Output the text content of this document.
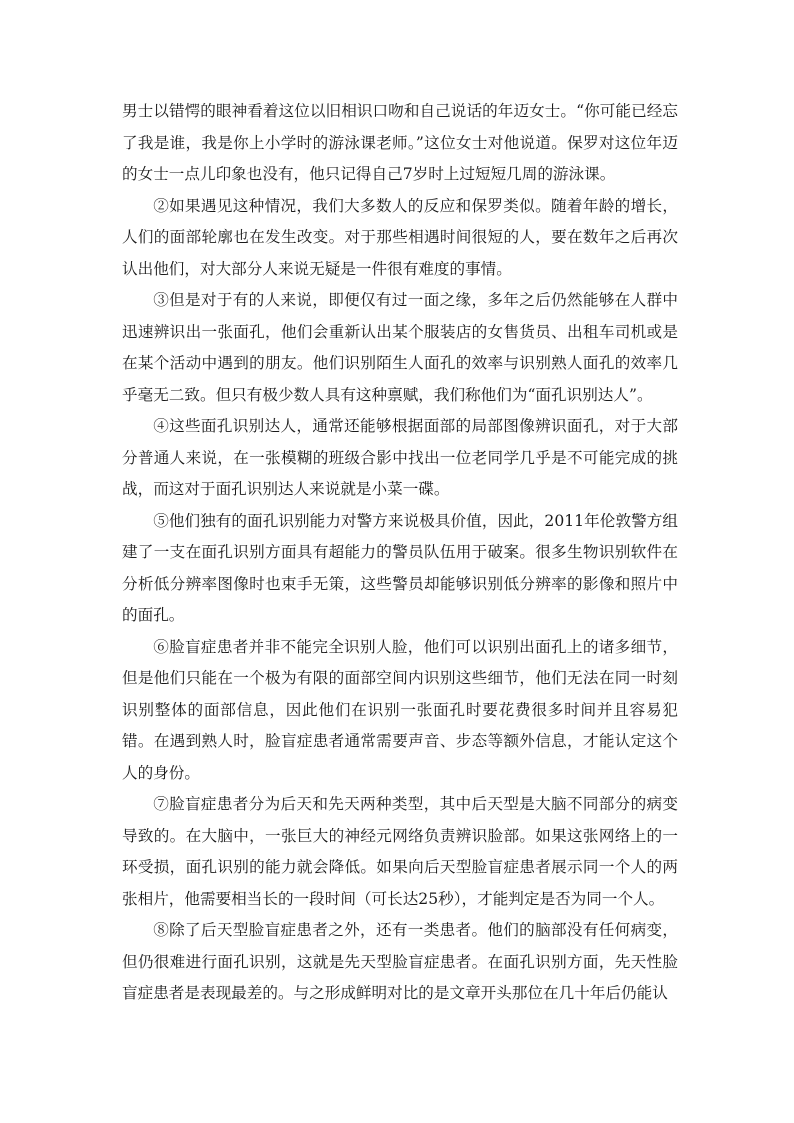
男士以错愕的眼神看着这位以旧相识口吻和自己说话的年迈女士。“你可能已经忘了我是谁，我是你上小学时的游泳课老师。”这位女士对他说道。保罗对这位年迈的女士一点儿印象也没有，他只记得自己7岁时上过短短几周的游泳课。

②如果遇见这种情况，我们大多数人的反应和保罗类似。随着年龄的增长，人们的面部轮廓也在发生改变。对于那些相遇时间很短的人，要在数年之后再次认出他们，对大部分人来说无疑是一件很有难度的事情。

③但是对于有的人来说，即便仅有过一面之缘，多年之后仍然能够在人群中迅速辨识出一张面孔，他们会重新认出某个服装店的女售货员、出租车司机或是在某个活动中遇到的朋友。他们识别陌生人面孔的效率与识别熟人面孔的效率几乎毫无二致。但只有极少数人具有这种禀赋，我们称他们为“面孔识别达人”。

④这些面孔识别达人，通常还能够根据面部的局部图像辨识面孔，对于大部分普通人来说，在一张模糊的班级合影中找出一位老同学几乎是不可能完成的挑战，而这对于面孔识别达人来说就是小菜一碟。

⑤他们独有的面孔识别能力对警方来说极具价值，因此，2011年伦敦警方组建了一支在面孔识别方面具有超能力的警员队伍用于破案。很多生物识别软件在分析低分辨率图像时也束手无策，这些警员却能够识别低分辨率的影像和照片中的面孔。

⑥脸盲症患者并非不能完全识别人脸，他们可以识别出面孔上的诸多细节，但是他们只能在一个极为有限的面部空间内识别这些细节，他们无法在同一时刻识别整体的面部信息，因此他们在识别一张面孔时要花费很多时间并且容易犯错。在遇到熟人时，脸盲症患者通常需要声音、步态等额外信息，才能认定这个人的身份。

⑦脸盲症患者分为后天和先天两种类型，其中后天型是大脑不同部分的病变导致的。在大脑中，一张巨大的神经元网络负责辨识脸部。如果这张网络上的一环受损，面孔识别的能力就会降低。如果向后天型脸盲症患者展示同一个人的两张相片，他需要相当长的一段时间（可长达25秒），才能判定是否为同一个人。

⑧除了后天型脸盲症患者之外，还有一类患者。他们的脑部没有任何病变，但仍很难进行面孔识别，这就是先天型脸盲症患者。在面孔识别方面，先天性脸盲症患者是表现最差的。与之形成鲜明对比的是文章开头那位在几十年后仍能认
